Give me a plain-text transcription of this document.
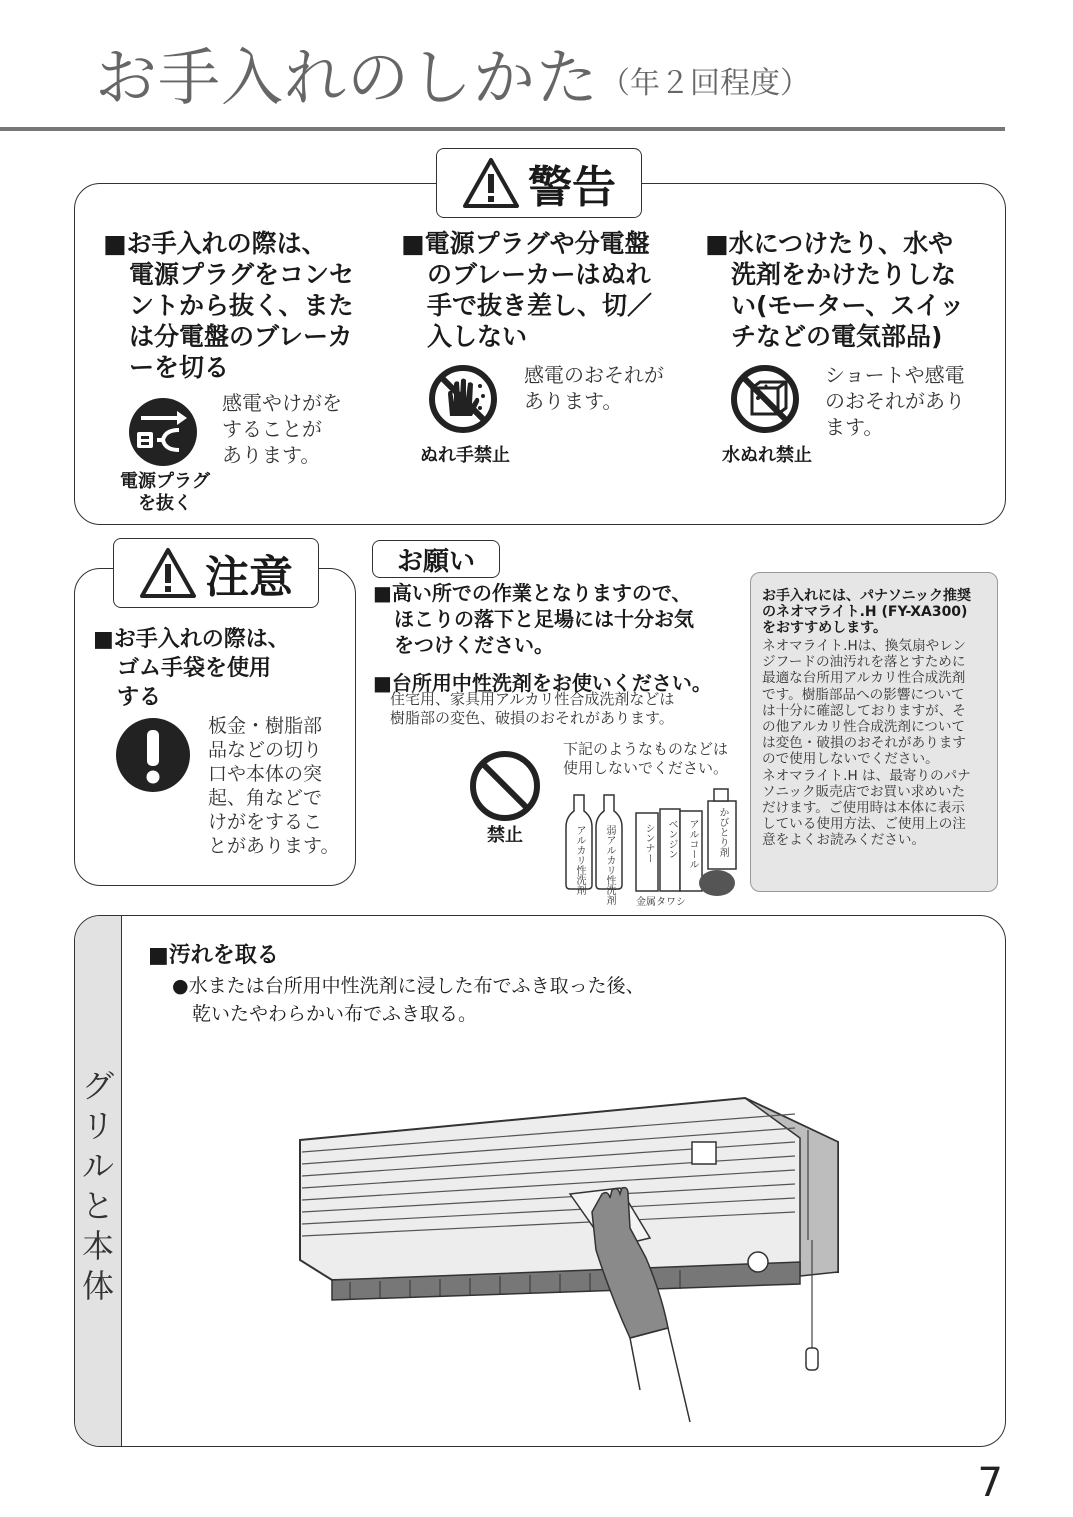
お手入れのしかた （年２回程度）
警告
■お手入れの際は、
電源プラグをコンセ
ントから抜く、また
は分電盤のブレーカ
ーを切る
感電やけがを
することが
あります。
電源プラグ
を抜く
■電源プラグや分電盤
のブレーカーはぬれ
手で抜き差し、切／
入しない
感電のおそれが
あります。
ぬれ手禁止
■水につけたり、水や
洗剤をかけたりしな
い(モーター、スイッ
チなどの電気部品)
ショートや感電
のおそれがあり
ます。
水ぬれ禁止
注意
■お手入れの際は、
ゴム手袋を使用
する
板金・樹脂部
品などの切り
口や本体の突
起、角などで
けがをするこ
とがあります。
お願い
■高い所での作業となりますので、
ほこりの落下と足場には十分お気
をつけください。
■台所用中性洗剤をお使いください。
住宅用、家具用アルカリ性合成洗剤などは
樹脂部の変色、破損のおそれがあります。
禁止
下記のようなものなどは
使用しないでください。
アルカリ性洗剤 弱アルカリ性洗剤	シンナー ベンジン アルコール かびとり剤
金属タワシ
お手入れには、パナソニック推奨
のネオマライト.H (FY-XA300)
をおすすめします。
ネオマライト.Hは、換気扇やレン
ジフードの油汚れを落とすために
最適な台所用アルカリ性合成洗剤
です。樹脂部品への影響について
は十分に確認しておりますが、そ
の他アルカリ性合成洗剤について
は変色・破損のおそれがあります
ので使用しないでください。
ネオマライト.H は、最寄りのパナ
ソニック販売店でお買い求めいた
だけます。ご使用時は本体に表示
している使用方法、ご使用上の注
意をよくお読みください。
グ
リ
ル
と
本
体
■汚れを取る
●水または台所用中性洗剤に浸した布でふき取った後、
乾いたやわらかい布でふき取る。
7
